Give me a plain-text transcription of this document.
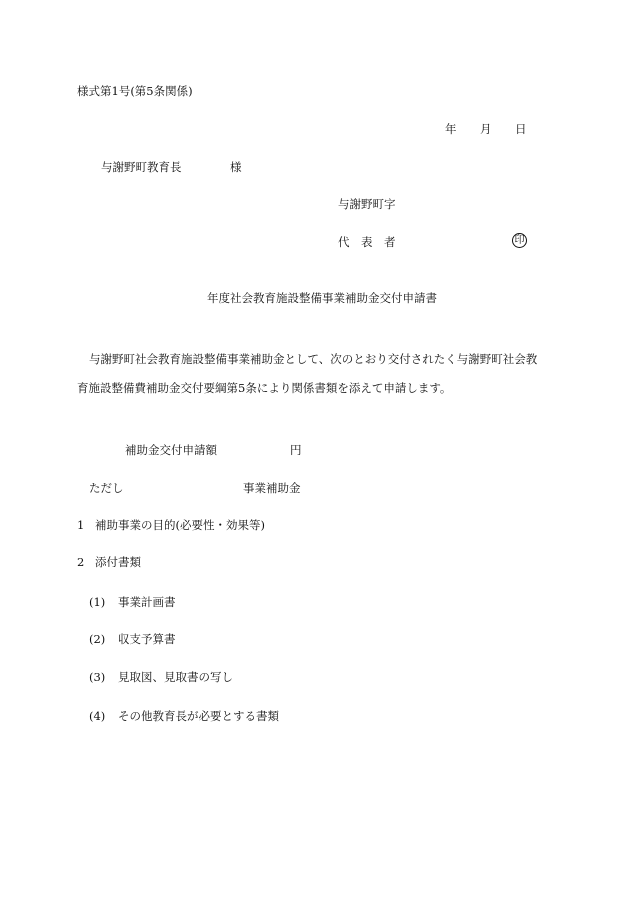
様式第1号(第5条関係)
年 月 日
与謝野町教育長	様
与謝野町字
代　表　者	印
年度社会教育施設整備事業補助金交付申請書
与謝野町社会教育施設整備事業補助金として、次のとおり交付されたく与謝野町社会教
育施設整備費補助金交付要綱第5条により関係書類を添えて申請します。
補助金交付申請額	円
ただし	事業補助金
1 補助事業の目的(必要性・効果等)
2 添付書類
(1) 事業計画書
(2) 収支予算書
(3) 見取図、見取書の写し
(4) その他教育長が必要とする書類
